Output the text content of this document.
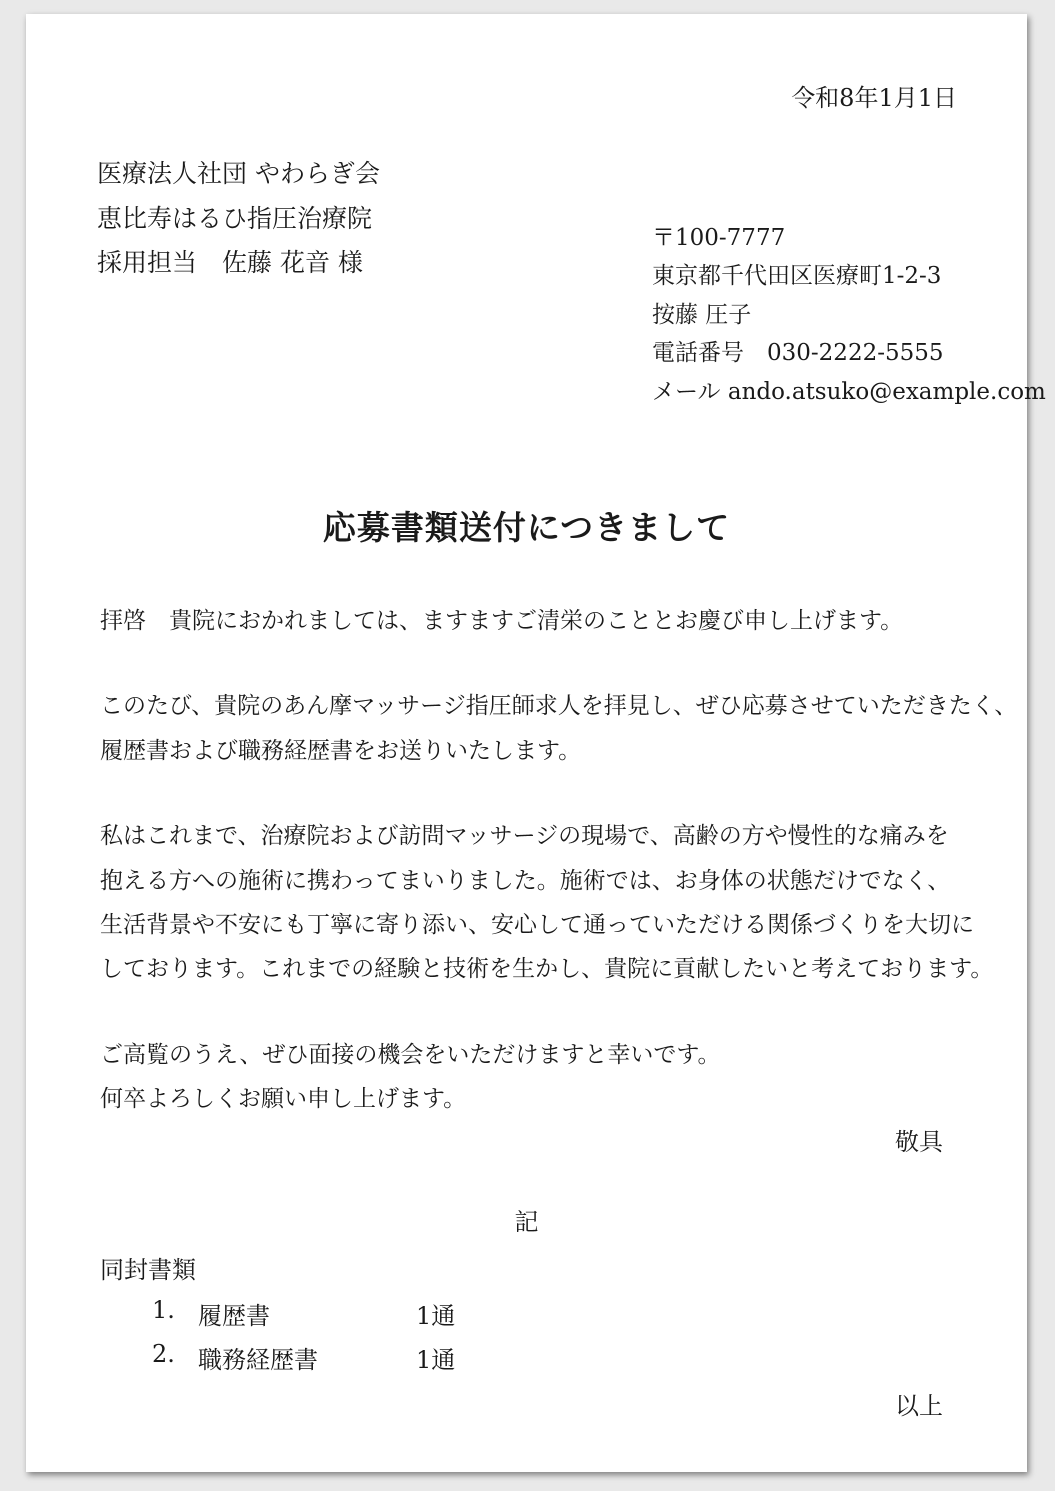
令和8年1月1日
医療法人社団 やわらぎ会
恵比寿はるひ指圧治療院
採用担当　佐藤 花音 様
〒100-7777
東京都千代田区医療町1-2-3
按藤 圧子
電話番号　030-2222-5555
メール ando.atsuko@example.com
応募書類送付につきまして

拝啓　貴院におかれましては、ますますご清栄のこととお慶び申し上げます。

このたび、貴院のあん摩マッサージ指圧師求人を拝見し、ぜひ応募させていただきたく、
履歴書および職務経歴書をお送りいたします。

私はこれまで、治療院および訪問マッサージの現場で、高齢の方や慢性的な痛みを
抱える方への施術に携わってまいりました。施術では、お身体の状態だけでなく、
生活背景や不安にも丁寧に寄り添い、安心して通っていただける関係づくりを大切に
しております。これまでの経験と技術を生かし、貴院に貢献したいと考えております。

ご高覧のうえ、ぜひ面接の機会をいただけますと幸いです。
何卒よろしくお願い申し上げます。

敬具
記
同封書類
1. 履歴書	1通
2. 職務経歴書	1通
以上
